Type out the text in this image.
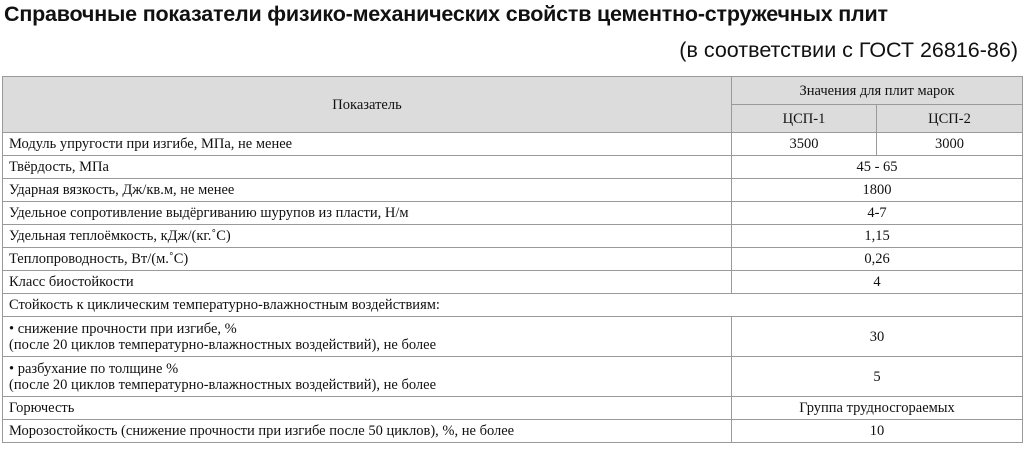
Справочные показатели физико-механических свойств цементно-стружечных плит
(в соответствии с ГОСТ 26816-86)
Показатель	Значения для плит марок	
	ЦСП-1	ЦСП-2
Модуль упругости при изгибе, МПа, не менее	3500	3000
Твёрдость, МПа	45 - 65	
Ударная вязкость, Дж/кв.м, не менее	1800	
Удельное сопротивление выдёргиванию шурупов из пласти, Н/м	4-7	
Удельная теплоёмкость, кДж/(кг.˚С)	1,15	
Теплопроводность, Вт/(м.˚С)	0,26	
Класс биостойкости	4	
Стойкость к циклическим температурно-влажностным воздействиям:		

• снижение прочности при изгибе, %
(после 20 циклов температурно-влажностных воздействий), не более	30	

• разбухание по толщине %
(после 20 циклов температурно-влажностных воздействий), не более	5	
Горючесть	Группа трудносгораемых	
Морозостойкость (снижение прочности при изгибе после 50 циклов), %, не более	10	
